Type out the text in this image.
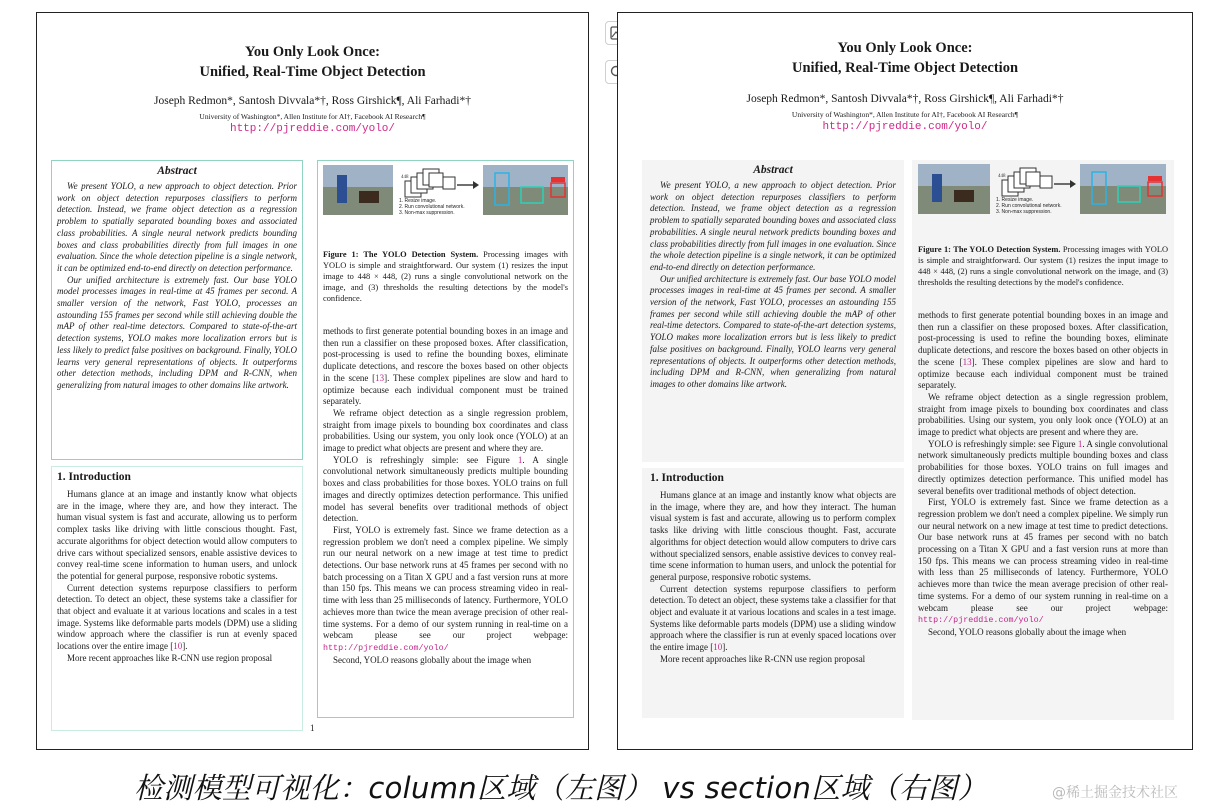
You Only Look Once:
Unified, Real-Time Object Detection
Joseph Redmon*, Santosh Divvala*†, Ross Girshick¶, Ali Farhadi*†
University of Washington*, Allen Institute for AI†, Facebook AI Research¶
http://pjreddie.com/yolo/

Abstract

We present YOLO, a new approach to object detection. Prior work on object detection repurposes classifiers to perform detection. Instead, we frame object detection as a regression problem to spatially separated bounding boxes and associated class probabilities. A single neural network predicts bounding boxes and class probabilities directly from full images in one evaluation. Since the whole detection pipeline is a single network, it can be optimized end-to-end directly on detection performance.

Our unified architecture is extremely fast. Our base YOLO model processes images in real-time at 45 frames per second. A smaller version of the network, Fast YOLO, processes an astounding 155 frames per second while still achieving double the mAP of other real-time detectors. Compared to state-of-the-art detection systems, YOLO makes more localization errors but is less likely to predict false positives on background. Finally, YOLO learns very general representations of objects. It outperforms other detection methods, including DPM and R-CNN, when generalizing from natural images to other domains like artwork.

1. Introduction

Humans glance at an image and instantly know what objects are in the image, where they are, and how they interact. The human visual system is fast and accurate, allowing us to perform complex tasks like driving with little conscious thought. Fast, accurate algorithms for object detection would allow computers to drive cars without specialized sensors, enable assistive devices to convey real-time scene information to human users, and unlock the potential for general purpose, responsive robotic systems.

Current detection systems repurpose classifiers to perform detection. To detect an object, these systems take a classifier for that object and evaluate it at various locations and scales in a test image. Systems like deformable parts models (DPM) use a sliding window approach where the classifier is run at evenly spaced locations over the entire image [10].

More recent approaches like R-CNN use region proposal

448
1. Resize image.
2. Run convolutional network.
3. Non-max suppression.

Figure 1: The YOLO Detection System. Processing images with YOLO is simple and straightforward. Our system (1) resizes the input image to 448 × 448, (2) runs a single convolutional network on the image, and (3) thresholds the resulting detections by the model's confidence.

methods to first generate potential bounding boxes in an image and then run a classifier on these proposed boxes. After classification, post-processing is used to refine the bounding boxes, eliminate duplicate detections, and rescore the boxes based on other objects in the scene [13]. These complex pipelines are slow and hard to optimize because each individual component must be trained separately.

We reframe object detection as a single regression problem, straight from image pixels to bounding box coordinates and class probabilities. Using our system, you only look once (YOLO) at an image to predict what objects are present and where they are.

YOLO is refreshingly simple: see Figure 1. A single convolutional network simultaneously predicts multiple bounding boxes and class probabilities for those boxes. YOLO trains on full images and directly optimizes detection performance. This unified model has several benefits over traditional methods of object detection.

First, YOLO is extremely fast. Since we frame detection as a regression problem we don't need a complex pipeline. We simply run our neural network on a new image at test time to predict detections. Our base network runs at 45 frames per second with no batch processing on a Titan X GPU and a fast version runs at more than 150 fps. This means we can process streaming video in real-time with less than 25 milliseconds of latency. Furthermore, YOLO achieves more than twice the mean average precision of other real-time systems. For a demo of our system running in real-time on a webcam please see our project webpage: http://pjreddie.com/yolo/

Second, YOLO reasons globally about the image when

1
You Only Look Once:
Unified, Real-Time Object Detection
Joseph Redmon*, Santosh Divvala*†, Ross Girshick¶, Ali Farhadi*†
University of Washington*, Allen Institute for AI†, Facebook AI Research¶
http://pjreddie.com/yolo/

Abstract

We present YOLO, a new approach to object detection. Prior work on object detection repurposes classifiers to perform detection. Instead, we frame object detection as a regression problem to spatially separated bounding boxes and associated class probabilities. A single neural network predicts bounding boxes and class probabilities directly from full images in one evaluation. Since the whole detection pipeline is a single network, it can be optimized end-to-end directly on detection performance.

Our unified architecture is extremely fast. Our base YOLO model processes images in real-time at 45 frames per second. A smaller version of the network, Fast YOLO, processes an astounding 155 frames per second while still achieving double the mAP of other real-time detectors. Compared to state-of-the-art detection systems, YOLO makes more localization errors but is less likely to predict false positives on background. Finally, YOLO learns very general representations of objects. It outperforms other detection methods, including DPM and R-CNN, when generalizing from natural images to other domains like artwork.

1. Introduction

Humans glance at an image and instantly know what objects are in the image, where they are, and how they interact. The human visual system is fast and accurate, allowing us to perform complex tasks like driving with little conscious thought. Fast, accurate algorithms for object detection would allow computers to drive cars without specialized sensors, enable assistive devices to convey real-time scene information to human users, and unlock the potential for general purpose, responsive robotic systems.

Current detection systems repurpose classifiers to perform detection. To detect an object, these systems take a classifier for that object and evaluate it at various locations and scales in a test image. Systems like deformable parts models (DPM) use a sliding window approach where the classifier is run at evenly spaced locations over the entire image [10].

More recent approaches like R-CNN use region proposal

448
1. Resize image.
2. Run convolutional network.
3. Non-max suppression.

Figure 1: The YOLO Detection System. Processing images with YOLO is simple and straightforward. Our system (1) resizes the input image to 448 × 448, (2) runs a single convolutional network on the image, and (3) thresholds the resulting detections by the model's confidence.

methods to first generate potential bounding boxes in an image and then run a classifier on these proposed boxes. After classification, post-processing is used to refine the bounding boxes, eliminate duplicate detections, and rescore the boxes based on other objects in the scene [13]. These complex pipelines are slow and hard to optimize because each individual component must be trained separately.

We reframe object detection as a single regression problem, straight from image pixels to bounding box coordinates and class probabilities. Using our system, you only look once (YOLO) at an image to predict what objects are present and where they are.

YOLO is refreshingly simple: see Figure 1. A single convolutional network simultaneously predicts multiple bounding boxes and class probabilities for those boxes. YOLO trains on full images and directly optimizes detection performance. This unified model has several benefits over traditional methods of object detection.

First, YOLO is extremely fast. Since we frame detection as a regression problem we don't need a complex pipeline. We simply run our neural network on a new image at test time to predict detections. Our base network runs at 45 frames per second with no batch processing on a Titan X GPU and a fast version runs at more than 150 fps. This means we can process streaming video in real-time with less than 25 milliseconds of latency. Furthermore, YOLO achieves more than twice the mean average precision of other real-time systems. For a demo of our system running in real-time on a webcam please see our project webpage: http://pjreddie.com/yolo/

Second, YOLO reasons globally about the image when

检测模型可视化：column区域（左图） vs section区域（右图）	@稀土掘金技术社区
